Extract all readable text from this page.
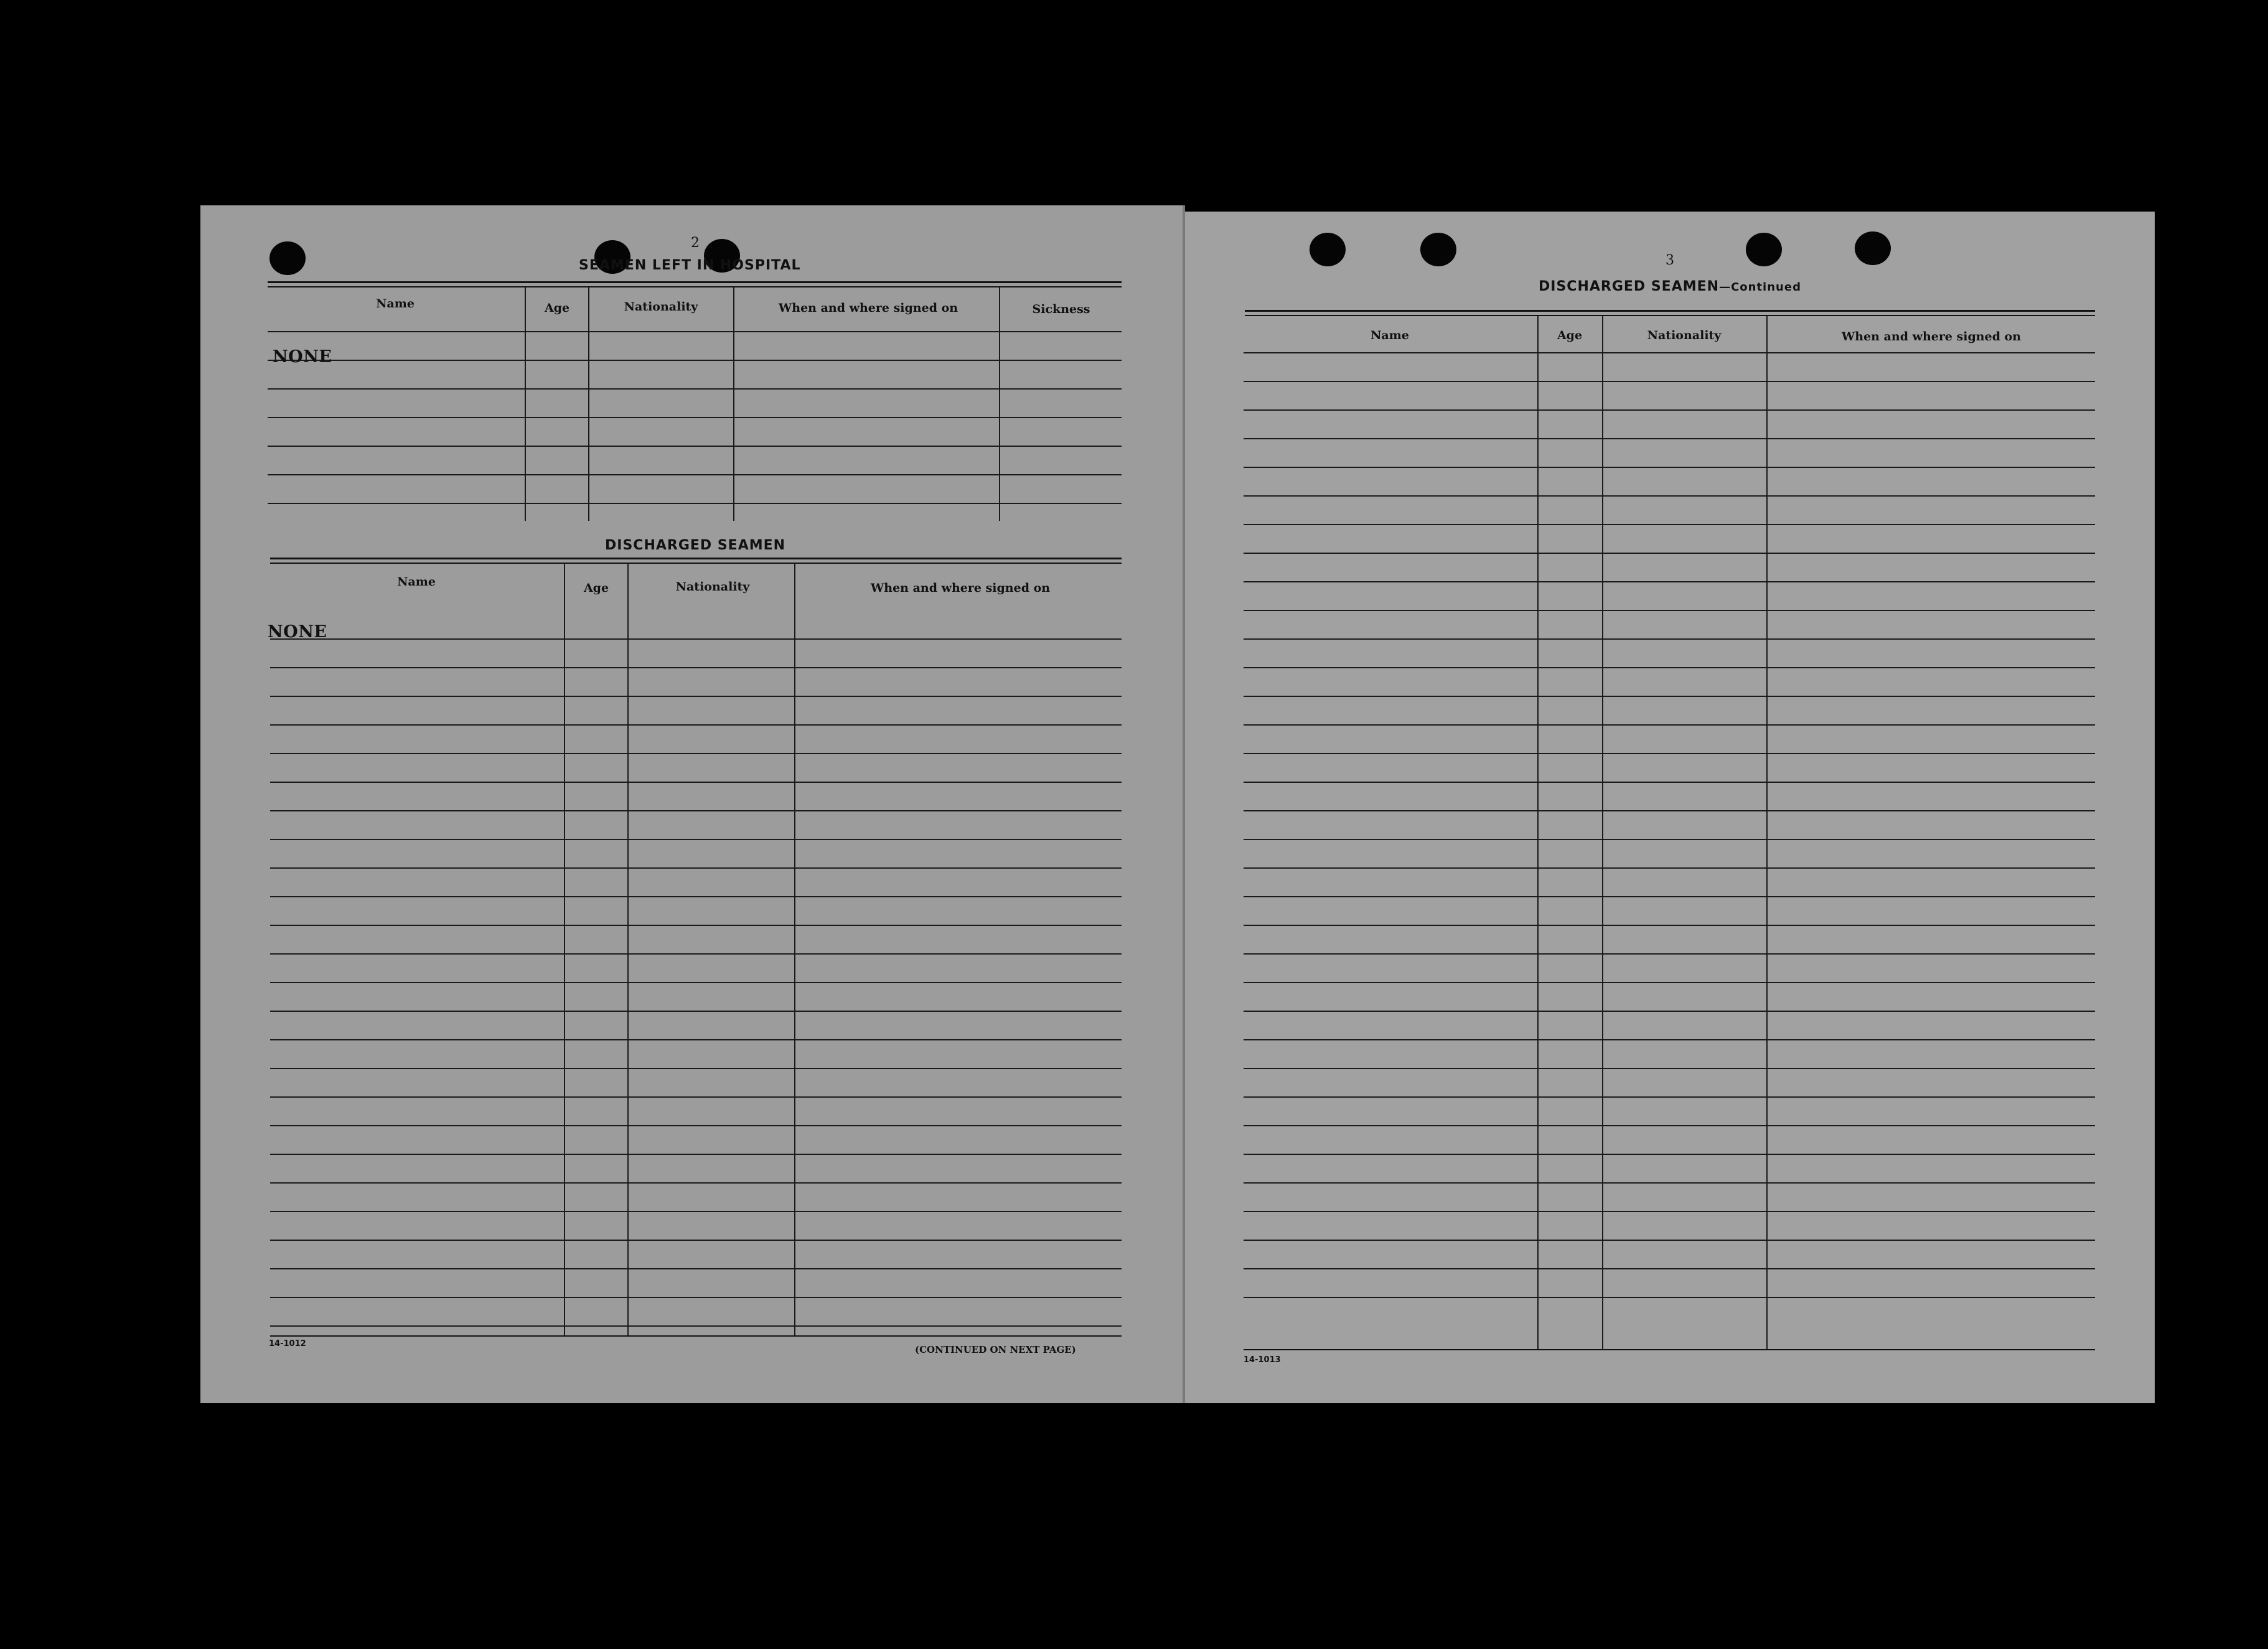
2
SEAMEN LEFT IN HOSPITAL
Name	Age	Nationality	When and where signed on	Sickness
NONE
DISCHARGED SEAMEN
Name	Age	Nationality	When and where signed on
NONE
14-1012
(CONTINUED ON NEXT PAGE)
3
DISCHARGED SEAMEN—Continued
Name	Age	Nationality	When and where signed on
14-1013
